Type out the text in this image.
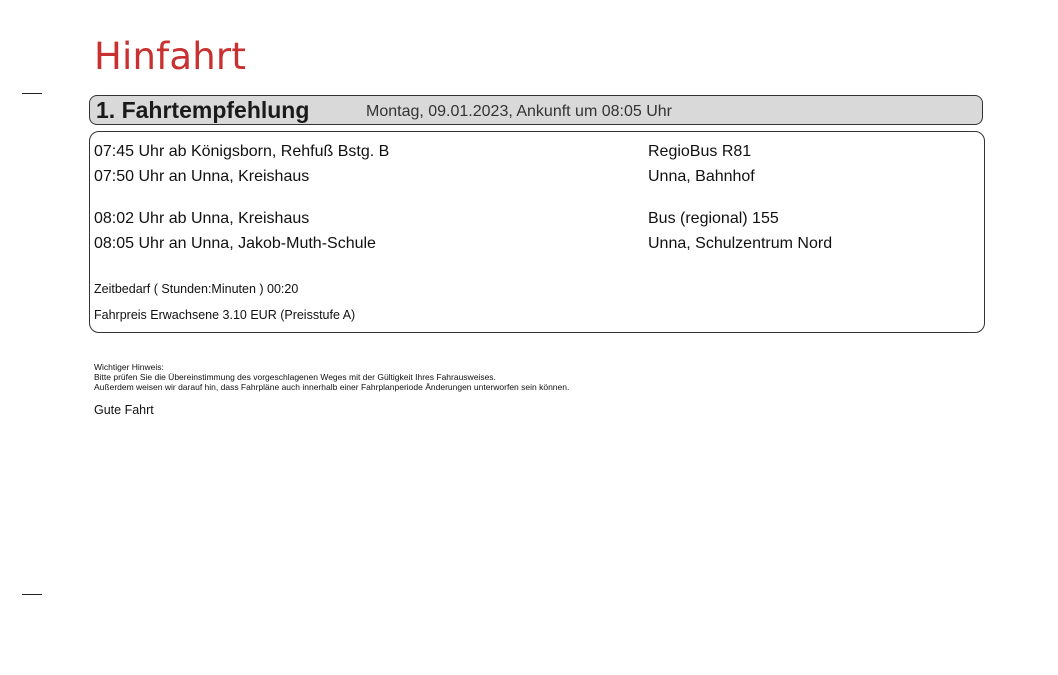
Hinfahrt
1. Fahrtempfehlung	Montag, 09.01.2023, Ankunft um 08:05 Uhr
07:45 Uhr ab Königsborn, Rehfuß Bstg. B	RegioBus R81
07:50 Uhr an Unna, Kreishaus	Unna, Bahnhof
08:02 Uhr ab Unna, Kreishaus	Bus (regional) 155
08:05 Uhr an Unna, Jakob-Muth-Schule	Unna, Schulzentrum Nord
Zeitbedarf ( Stunden:Minuten ) 00:20
Fahrpreis Erwachsene 3.10 EUR (Preisstufe A)
Wichtiger Hinweis:
Bitte prüfen Sie die Übereinstimmung des vorgeschlagenen Weges mit der Gültigkeit Ihres Fahrausweises.
Außerdem weisen wir darauf hin, dass Fahrpläne auch innerhalb einer Fahrplanperiode Änderungen unterworfen sein können.
Gute Fahrt
